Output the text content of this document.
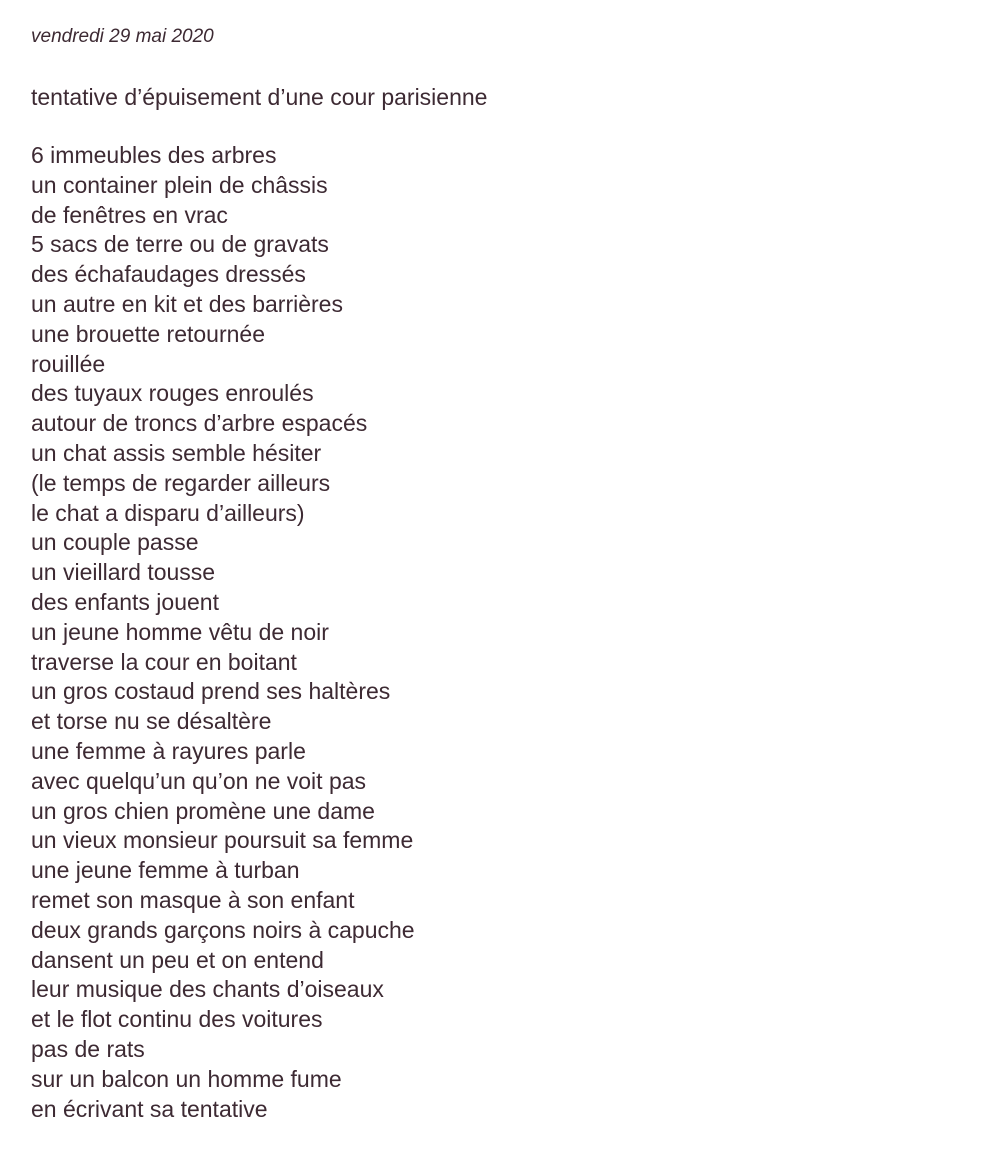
vendredi 29 mai 2020
tentative d’épuisement d’une cour parisienne
6 immeubles des arbres
un container plein de châssis
de fenêtres en vrac
5 sacs de terre ou de gravats
des échafaudages dressés
un autre en kit et des barrières
une brouette retournée
rouillée
des tuyaux rouges enroulés
autour de troncs d’arbre espacés
un chat assis semble hésiter
(le temps de regarder ailleurs
le chat a disparu d’ailleurs)
un couple passe
un vieillard tousse
des enfants jouent
un jeune homme vêtu de noir
traverse la cour en boitant
un gros costaud prend ses haltères
et torse nu se désaltère
une femme à rayures parle
avec quelqu’un qu’on ne voit pas
un gros chien promène une dame
un vieux monsieur poursuit sa femme
une jeune femme à turban
remet son masque à son enfant
deux grands garçons noirs à capuche
dansent un peu et on entend
leur musique des chants d’oiseaux
et le flot continu des voitures
pas de rats
sur un balcon un homme fume
en écrivant sa tentative
